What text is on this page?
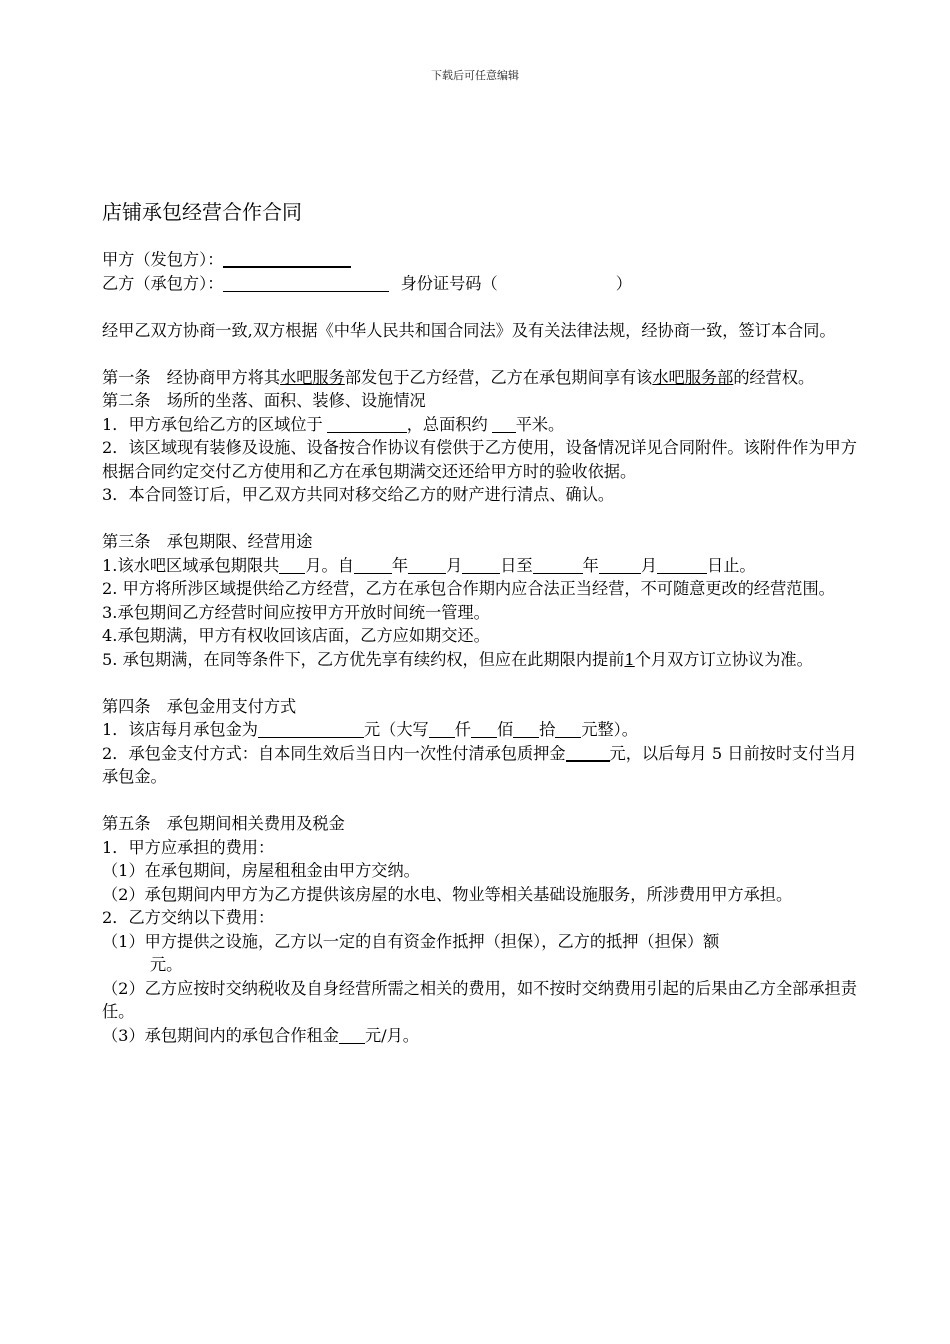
下载后可任意编辑
店铺承包经营合作合同
甲方（发包方）：
乙方（承包方）：	身份证号码（	）
经甲乙双方协商一致,双方根据《中华人民共和国合同法》及有关法律法规，经协商一致，签订本合同。
第一条　经协商甲方将其水吧服务部发包于乙方经营，乙方在承包期间享有该水吧服务部的经营权。
第二条　场所的坐落、面积、装修、设施情况
1．甲方承包给乙方的区域位于	，总面积约 平米。
2．该区域现有装修及设施、设备按合作协议有偿供于乙方使用，设备情况详见合同附件。该附件作为甲方根据合同约定交付乙方使用和乙方在承包期满交还还给甲方时的验收依据。
3．本合同签订后，甲乙双方共同对移交给乙方的财产进行清点、确认。
第三条　承包期限、经营用途
1.该水吧区域承包期限共 月。自 年 月 日至	年	月	日止。
2. 甲方将所涉区域提供给乙方经营，乙方在承包合作期内应合法正当经营，不可随意更改的经营范围。
3.承包期间乙方经营时间应按甲方开放时间统一管理。
4.承包期满，甲方有权收回该店面，乙方应如期交还。
5. 承包期满，在同等条件下，乙方优先享有续约权，但应在此期限内提前1个月双方订立协议为准。
第四条　承包金用支付方式
1．该店每月承包金为	元（大写 仟 佰 拾 元整）。
2．承包金支付方式：自本同生效后当日内一次性付清承包质押金	元，以后每月 5 日前按时支付当月承包金。
第五条　承包期间相关费用及税金
1．甲方应承担的费用：
（1）在承包期间，房屋租租金由甲方交纳。
（2）承包期间内甲方为乙方提供该房屋的水电、物业等相关基础设施服务，所涉费用甲方承担。
2．乙方交纳以下费用：
（1）甲方提供之设施，乙方以一定的自有资金作抵押（担保），乙方的抵押（担保）额
元。
（2）乙方应按时交纳税收及自身经营所需之相关的费用，如不按时交纳费用引起的后果由乙方全部承担责任。
（3）承包期间内的承包合作租金 元/月。
